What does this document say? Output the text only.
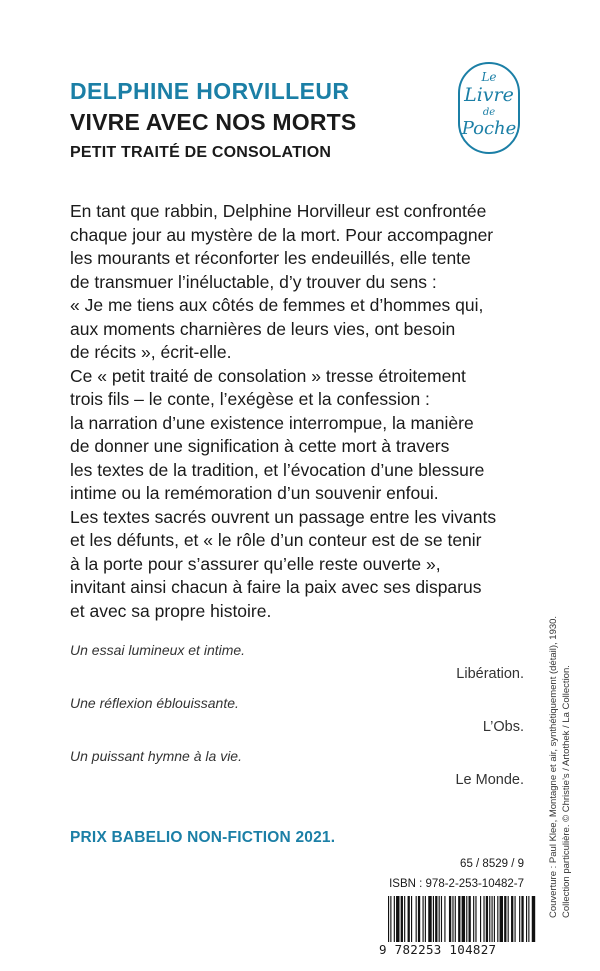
DELPHINE HORVILLEUR
VIVRE AVEC NOS MORTS
PETIT TRAITÉ DE CONSOLATION
Le
Livre
de
Poche

En tant que rabbin, Delphine Horvilleur est confrontée

chaque jour au mystère de la mort. Pour accompagner

les mourants et réconforter les endeuillés, elle tente

de transmuer l’inéluctable, d’y trouver du sens :

« Je me tiens aux côtés de femmes et d’hommes qui,

aux moments charnières de leurs vies, ont besoin

de récits », écrit-elle.

Ce « petit traité de consolation » tresse étroitement

trois fils – le conte, l’exégèse et la confession :

la narration d’une existence interrompue, la manière

de donner une signification à cette mort à travers

les textes de la tradition, et l’évocation d’une blessure

intime ou la remémoration d’un souvenir enfoui.

Les textes sacrés ouvrent un passage entre les vivants

et les défunts, et « le rôle d’un conteur est de se tenir

à la porte pour s’assurer qu’elle reste ouverte »,

invitant ainsi chacun à faire la paix avec ses disparus

et avec sa propre histoire.

Un essai lumineux et intime.
Libération.
Une réflexion éblouissante.
L’Obs.
Un puissant hymne à la vie.
Le Monde.

PRIX BABELIO NON-FICTION 2021.

65 / 8529 / 9
ISBN : 978-2-253-10482-7
9 782253 104827
Couverture : Paul Klee, Montagne et air, synthétiquement (détail), 1930. Collection particulière. © Christie’s / Artothek / La Collection.
